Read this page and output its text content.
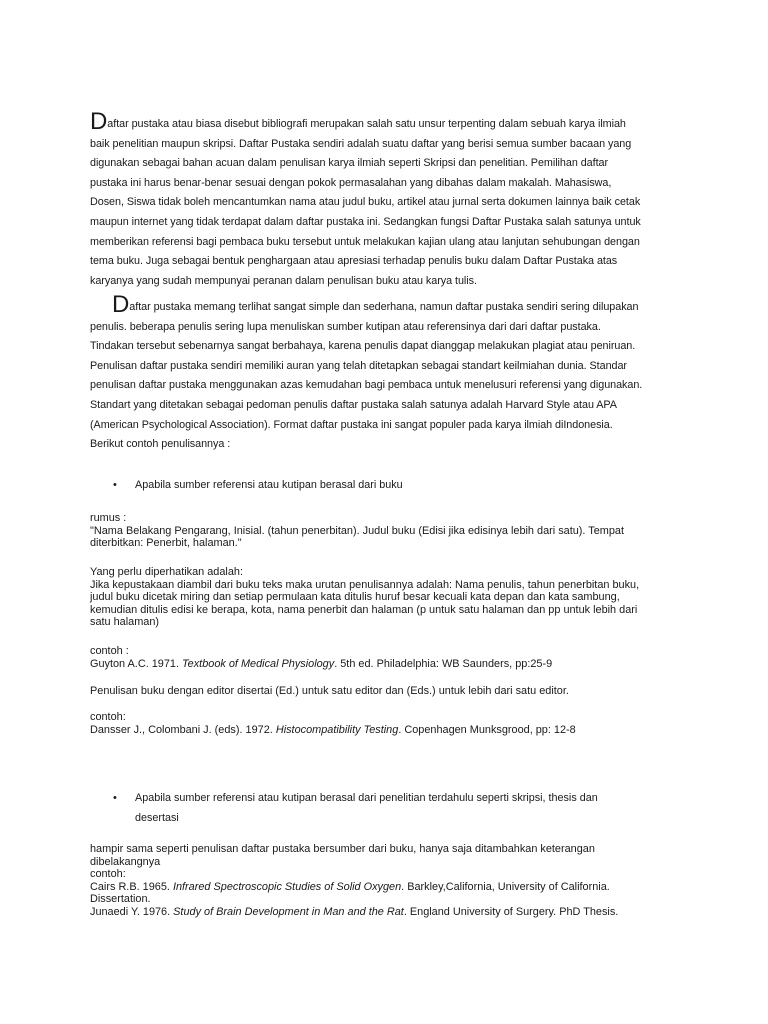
Daftar pustaka atau biasa disebut bibliografi merupakan salah satu unsur terpenting dalam sebuah karya ilmiah
baik penelitian maupun skripsi. Daftar Pustaka sendiri adalah suatu daftar yang berisi semua sumber bacaan yang
digunakan sebagai bahan acuan dalam penulisan karya ilmiah seperti Skripsi dan penelitian. Pemilihan daftar
pustaka ini harus benar-benar sesuai dengan pokok permasalahan yang dibahas dalam makalah. Mahasiswa,
Dosen, Siswa tidak boleh mencantumkan nama atau judul buku, artikel atau jurnal serta dokumen lainnya baik cetak
maupun internet yang tidak terdapat dalam daftar pustaka ini. Sedangkan fungsi Daftar Pustaka salah satunya untuk
memberikan referensi bagi pembaca buku tersebut untuk melakukan kajian ulang atau lanjutan sehubungan dengan
tema buku. Juga sebagai bentuk penghargaan atau apresiasi terhadap penulis buku dalam Daftar Pustaka atas
karyanya yang sudah mempunyai peranan dalam penulisan buku atau karya tulis.
Daftar pustaka memang terlihat sangat simple dan sederhana, namun daftar pustaka sendiri sering dilupakan
penulis. beberapa penulis sering lupa menuliskan sumber kutipan atau referensinya dari dari daftar pustaka.
Tindakan tersebut sebenarnya sangat berbahaya, karena penulis dapat dianggap melakukan plagiat atau peniruan.
Penulisan daftar pustaka sendiri memiliki auran yang telah ditetapkan sebagai standart keilmiahan dunia. Standar
penulisan daftar pustaka menggunakan azas kemudahan bagi pembaca untuk menelusuri referensi yang digunakan.
Standart yang ditetakan sebagai pedoman penulis daftar pustaka salah satunya adalah Harvard Style atau APA
(American Psychological Association). Format daftar pustaka ini sangat populer pada karya ilmiah diIndonesia.
Berikut contoh penulisannya :
• Apabila sumber referensi atau kutipan berasal dari buku
rumus :
"Nama Belakang Pengarang, Inisial. (tahun penerbitan). Judul buku (Edisi jika edisinya lebih dari satu). Tempat
diterbitkan: Penerbit, halaman."
Yang perlu diperhatikan adalah:
Jika kepustakaan diambil dari buku teks maka urutan penulisannya adalah: Nama penulis, tahun penerbitan buku,
judul buku dicetak miring dan setiap permulaan kata ditulis huruf besar kecuali kata depan dan kata sambung,
kemudian ditulis edisi ke berapa, kota, nama penerbit dan halaman (p untuk satu halaman dan pp untuk lebih dari
satu halaman)
contoh :
Guyton A.C. 1971. Textbook of Medical Physiology. 5th ed. Philadelphia: WB Saunders, pp:25-9
Penulisan buku dengan editor disertai (Ed.) untuk satu editor dan (Eds.) untuk lebih dari satu editor.
contoh:
Dansser J., Colombani J. (eds). 1972. Histocompatibility Testing. Copenhagen Munksgrood, pp: 12-8
• Apabila sumber referensi atau kutipan berasal dari penelitian terdahulu seperti skripsi, thesis dan
desertasi
hampir sama seperti penulisan daftar pustaka bersumber dari buku, hanya saja ditambahkan keterangan
dibelakangnya
contoh:
Cairs R.B. 1965. Infrared Spectroscopic Studies of Solid Oxygen. Barkley,California, University of California.
Dissertation.
Junaedi Y. 1976. Study of Brain Development in Man and the Rat. England University of Surgery. PhD Thesis.
